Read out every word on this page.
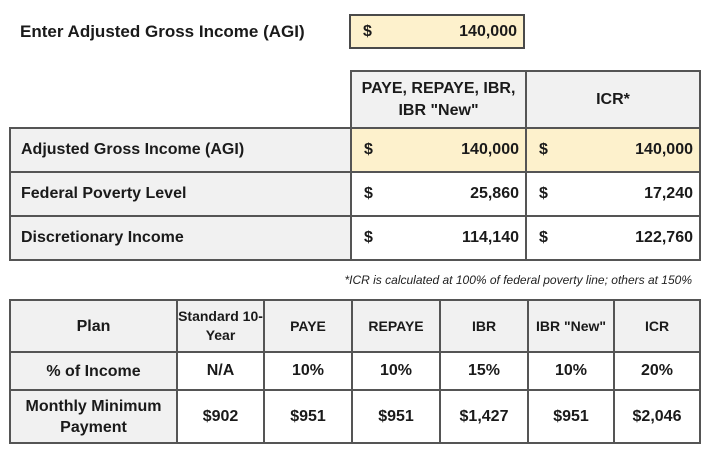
Enter Adjusted Gross Income (AGI)	$	140,000
	PAYE, REPAYE, IBR, IBR "New"	ICR*
Adjusted Gross Income (AGI)	$ 140,000	$ 140,000

Federal Poverty Level	$ 25,860	$ 17,240

Discretionary Income	$ 114,140	$ 122,760
*ICR is calculated at 100% of federal poverty line; others at 150%
Plan	Standard 10-Year	PAYE	REPAYE	IBR	IBR "New"	ICR
% of Income	N/A	10%	10%	15%	10%	20%
Monthly Minimum Payment	$902	$951	$951	$1,427	$951	$2,046
